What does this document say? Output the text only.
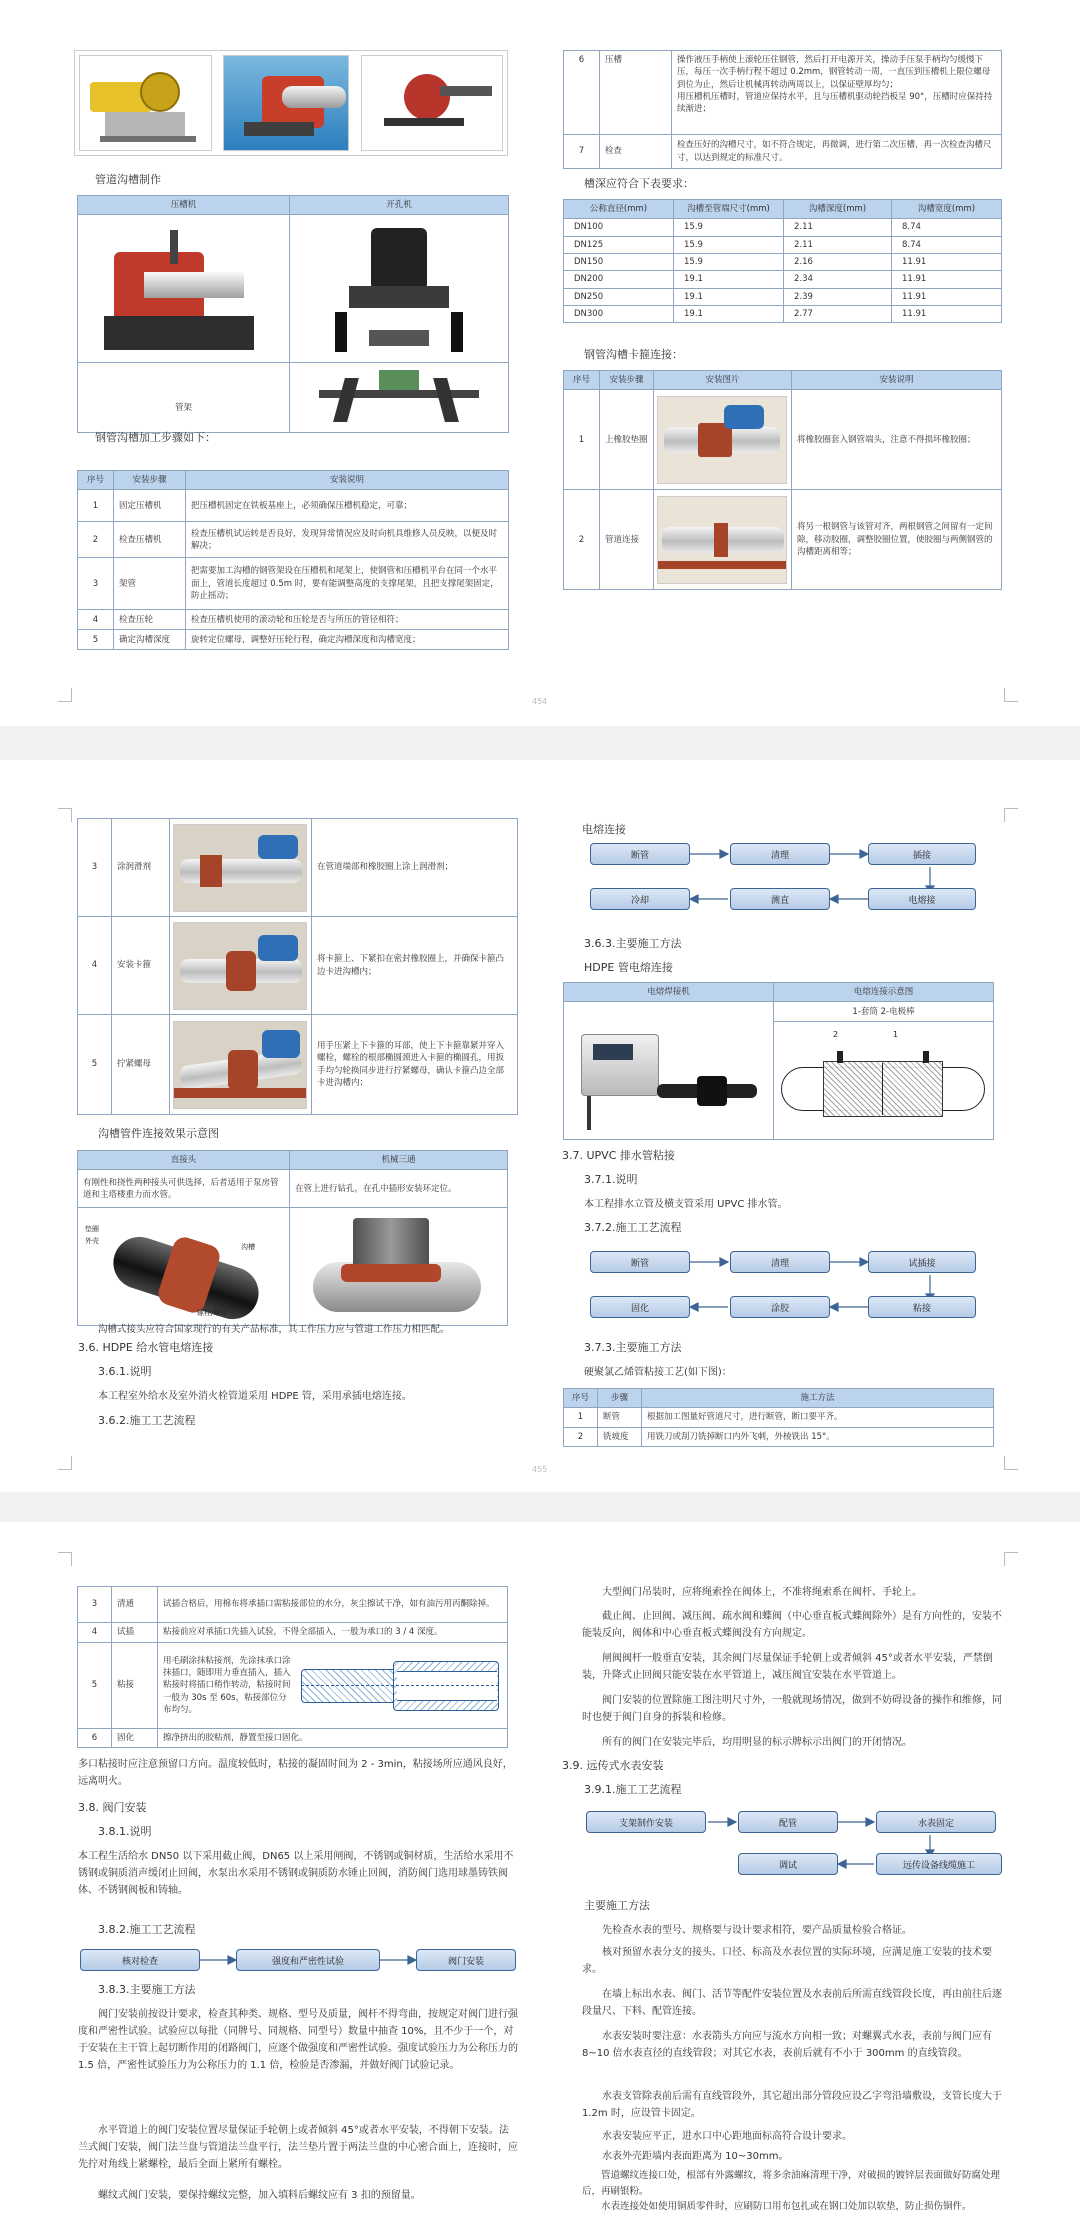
管道沟槽制作
压槽机	开孔机

管架	
钢管沟槽加工步骤如下：
序号	安装步骤	安装说明
1	固定压槽机	把压槽机固定在铁板基座上，必须确保压槽机稳定，可靠；
2	检查压槽机	检查压槽机试运转是否良好，发现异常情况应及时向机具维修人员反映，以便及时解决；
3	架管	把需要加工沟槽的钢管架设在压槽机和尾架上，使钢管和压槽机平台在同一个水平面上，管道长度超过 0.5m 时，要有能调整高度的支撑尾架，且把支撑尾架固定，防止摇动；
4	检查压轮	检查压槽机使用的滚动轮和压轮是否与所压的管径相符；
5	确定沟槽深度	旋转定位螺母，调整好压轮行程，确定沟槽深度和沟槽宽度；
6	压槽	操作液压手柄使上滚轮压住钢管，然后打开电源开关，操动手压泵手柄均匀缓慢下压，每压一次手柄行程不超过 0.2mm，钢管转动一周，一直压到压槽机上限位螺母到位为止，然后让机械再转动两周以上，以保证壁厚均匀；
用压槽机压槽时，管道应保持水平，且与压槽机驱动轮挡板呈 90°，压槽时应保持持续渐进；
7	检查	检查压好的沟槽尺寸，如不符合规定，再微调，进行第二次压槽，再一次检查沟槽尺寸，以达到规定的标准尺寸。
槽深应符合下表要求：
公称直径(mm)	沟槽至管端尺寸(mm)	沟槽深度(mm)	沟槽宽度(mm)
DN100	15.9	2.11	8.74
DN125	15.9	2.11	8.74
DN150	15.9	2.16	11.91
DN200	19.1	2.34	11.91
DN250	19.1	2.39	11.91
DN300	19.1	2.77	11.91
钢管沟槽卡箍连接：
序号	安装步骤	安装图片	安装说明
1	上橡胶垫圈		将橡胶圈套入钢管端头，注意不得损坏橡胶圈；
2	管道连接		将另一根钢管与该管对齐，两根钢管之间留有一定间隙，移动胶圈，调整胶圈位置，使胶圈与两侧钢管的沟槽距离相等；
454
3	涂润滑剂		在管道端部和橡胶圈上涂上润滑剂；
4	安装卡箍		将卡箍上、下紧扣在密封橡胶圈上，并确保卡箍凸边卡进沟槽内；
5	拧紧螺母		用手压紧上下卡箍的耳部，使上下卡箍靠紧并穿入螺栓，螺栓的根部椭圆颈进入卡箍的椭圆孔，用扳手均匀轮换同步进行拧紧螺母，确认卡箍凸边全部卡进沟槽内；
沟槽管件连接效果示意图
直接头	机械三通
有刚性和挠性两种接头可供选择，后者适用于泵房管道和主塔楼重力而水管。	在管上进行钻孔，在孔中插形安装环定位。

垫圈
外壳
沟槽
螺栓/螺母	

沟槽式接头应符合国家现行的有关产品标准，其工作压力应与管道工作压力相匹配。
3.6. HDPE 给水管电熔连接
3.6.1.说明
本工程室外给水及室外消火栓管道采用 HDPE 管，采用承插电熔连接。
3.6.2.施工工艺流程
455
电熔连接
断管	清理	插接
冷却	测直	电熔接
3.6.3.主要施工方法
HDPE 管电熔连接
电熔焊接机	电熔连接示意图

	1-套筒 2-电极棒

	2 1
3.7. UPVC 排水管粘接
3.7.1.说明
本工程排水立管及横支管采用 UPVC 排水管。
3.7.2.施工工艺流程
断管	清理	试插接
固化	涂胶	粘接
3.7.3.主要施工方法
硬聚氯乙烯管粘接工艺(如下图)：
序号	步骤	施工方法
1	断管	根据加工图量好管道尺寸，进行断管，断口要平齐。
2	铣坡度	用铣刀或刮刀铣掉断口内外飞刺，外棱铣出 15°。
3	清通	试插合格后，用棉布将承插口需粘接部位的水分，灰尘擦试干净，如有油污用丙酮除掉。
4	试插	粘接前应对承插口先插入试验，不得全部插入，一般为承口的 3 / 4 深度。
5	粘接	用毛刷涂抹粘接剂，先涂抹承口涂抹插口，随即用力垂直插入，插入粘接时将插口稍作转动，粘接时间一般为 30s 至 60s，粘接部位分布均匀。

6	固化	擦净挤出的胶粘剂，静置至接口固化。
多口粘接时应注意预留口方向。温度较低时，粘接的凝固时间为 2 - 3min，粘接场所应通风良好，远离明火。
3.8. 阀门安装
3.8.1.说明
本工程生活给水 DN50 以下采用截止阀，DN65 以上采用闸阀，不锈钢或铜材质，生活给水采用不锈钢或铜质消声缓闭止回阀，水泵出水采用不锈钢或铜质防水锤止回阀，消防阀门选用球墨铸铁阀体、不锈钢阀板和铸轴。
3.8.2.施工工艺流程
核对检查	强度和严密性试验	阀门安装
3.8.3.主要施工方法
阀门安装前按设计要求，检查其种类、规格、型号及质量，阀杆不得弯曲，按规定对阀门进行强度和严密性试验。试验应以每批（同牌号、同规格、同型号）数量中抽查 10%，且不少于一个，对于安装在主干管上起切断作用的闭路阀门，应逐个做强度和严密性试验。强度试验压力为公称压力的 1.5 倍，严密性试验压力为公称压力的 1.1 倍，检验是否渗漏，并做好阀门试验记录。
水平管道上的阀门安装位置尽量保证手轮朝上或者倾斜 45°或者水平安装，不得朝下安装。法兰式阀门安装，阀门法兰盘与管道法兰盘平行，法兰垫片置于两法兰盘的中心密合面上，连接时，应先拧对角线上紧螺栓，最后全面上紧所有螺栓。
螺纹式阀门安装，要保持螺纹完整，加入填料后螺纹应有 3 扣的预留量。
大型阀门吊装时，应将绳索拴在阀体上，不准将绳索系在阀杆、手轮上。
截止阀、止回阀、减压阀、疏水阀和蝶阀（中心垂直板式蝶阀除外）是有方向性的，安装不能装反向，阀体和中心垂直板式蝶阀没有方向规定。
闸阀阀杆一般垂直安装，其余阀门尽量保证手轮朝上或者倾斜 45°或者水平安装，严禁倒装，升降式止回阀只能安装在水平管道上，减压阀宜安装在水平管道上。
阀门安装的位置除施工图注明尺寸外，一般就现场情况，做到不妨碍设备的操作和维修，同时也便于阀门自身的拆装和检修。
所有的阀门在安装完毕后，均用明显的标示牌标示出阀门的开闭情况。
3.9. 远传式水表安装
3.9.1.施工工艺流程
支架制作安装	配管	水表固定
调试	远传设备线缆施工
主要施工方法
先检查水表的型号、规格要与设计要求相符，要产品质量检验合格证。
核对预留水表分支的接头、口径、标高及水表位置的实际环境，应满足施工安装的技术要求。
在墙上标出水表、阀门、活节等配件安装位置及水表前后所需直线管段长度，再由前往后逐段量尺、下料、配管连接。
水表安装时要注意：水表箭头方向应与流水方向相一致；对螺翼式水表，表前与阀门应有 8~10 倍水表直径的直线管段；对其它水表，表前后就有不小于 300mm 的直线管段。
水表支管除表前后需有直线管段外，其它超出部分管段应设乙字弯沿墙敷设，支管长度大于 1.2m 时，应设管卡固定。
水表安装应平正，进水口中心距地面标高符合设计要求。
水表外壳距墙内表面距离为 10~30mm。
管道螺纹连接口处，根部有外露螺纹，将多余油麻清理干净，对破损的镀锌层表面做好防腐处理后，再刷银粉。
水表连接处如使用铜质零件时，应刷防口用布包扎或在钢口处加以软垫，防止损伤铜件。
